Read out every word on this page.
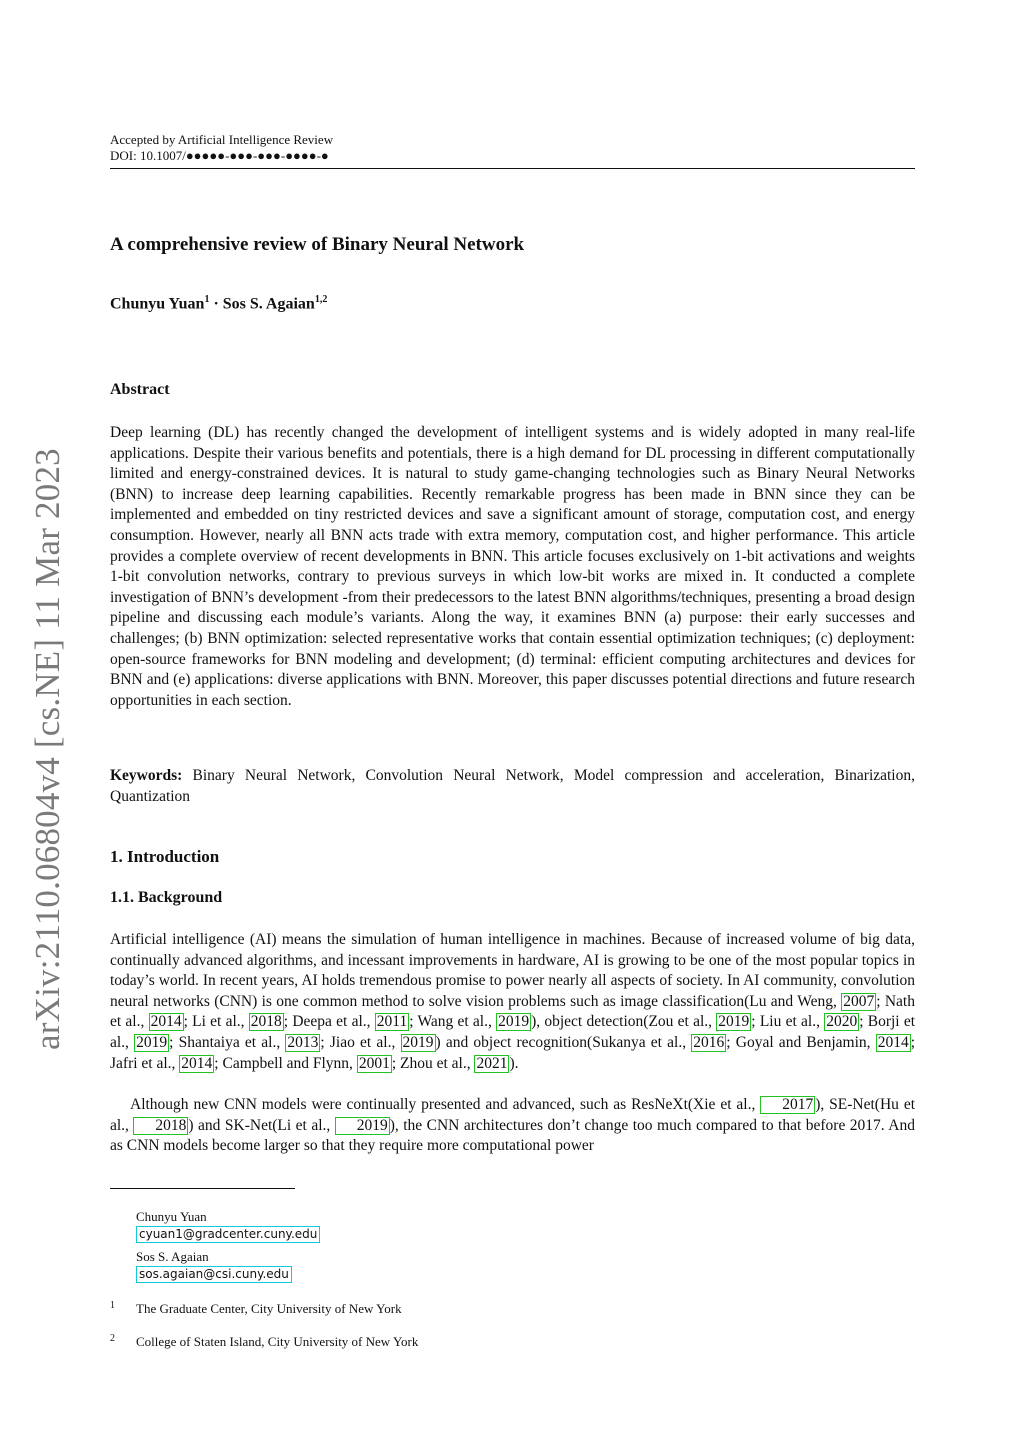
arXiv:2110.06804v4 [cs.NE] 11 Mar 2023
Accepted by Artificial Intelligence Review
DOI: 10.1007/●●●●●-●●●-●●●-●●●●-●
A comprehensive review of Binary Neural Network
Chunyu Yuan$^1$ · Sos S. Agaian$^{1,2}$
Abstract

Deep learning (DL) has recently changed the development of intelligent systems and is widely adopted in many real-life applications. Despite their various benefits and potentials, there is a high demand for DL processing in different computationally limited and energy-constrained devices. It is natural to study game-changing technologies such as Binary Neural Networks (BNN) to increase deep learning capabilities. Recently remarkable progress has been made in BNN since they can be implemented and embedded on tiny restricted devices and save a significant amount of storage, computation cost, and energy consumption. However, nearly all BNN acts trade with extra memory, computation cost, and higher performance. This article provides a complete overview of recent developments in BNN. This article focuses exclusively on 1-bit activations and weights 1-bit convolution networks, contrary to previous surveys in which low-bit works are mixed in. It conducted a complete investigation of BNN’s development -from their predecessors to the latest BNN algorithms/techniques, presenting a broad design pipeline and discussing each module’s variants. Along the way, it examines BNN (a) purpose: their early successes and challenges; (b) BNN optimization: selected representative works that contain essential optimization techniques; (c) deployment: open-source frameworks for BNN modeling and development; (d) terminal: efficient computing architectures and devices for BNN and (e) applications: diverse applications with BNN. Moreover, this paper discusses potential directions and future research opportunities in each section.

Keywords: Binary Neural Network, Convolution Neural Network, Model compression and acceleration, Binarization, Quantization

1. Introduction
1.1. Background

Artificial intelligence (AI) means the simulation of human intelligence in machines. Because of increased volume of big data, continually advanced algorithms, and incessant improvements in hardware, AI is growing to be one of the most popular topics in today’s world. In recent years, AI holds tremendous promise to power nearly all aspects of society. In AI community, convolution neural networks (CNN) is one common method to solve vision problems such as image classification(Lu and Weng, 2007 ; Nath et al., 2014 ; Li et al., 2018 ; Deepa et al., 2011 ; Wang et al., 2019 ), object detection(Zou et al., 2019 ; Liu et al., 2020 ; Borji et al., 2019 ; Shantaiya et al., 2013 ; Jiao et al., 2019 ) and object recognition(Sukanya et al., 2016 ; Goyal and Benjamin, 2014 ; Jafri et al., 2014 ; Campbell and Flynn, 2001 ; Zhou et al., 2021 ).

Although new CNN models were continually presented and advanced, such as ResNeXt(Xie et al., 2017 ), SE-Net(Hu et al., 2018 ) and SK-Net(Li et al., 2019 ), the CNN architectures don’t change too much compared to that before 2017. And as CNN models become larger so that they require more computational power

Chunyu Yuan
cyuan1@gradcenter.cuny.edu
Sos S. Agaian
sos.agaian@csi.cuny.edu
1 The Graduate Center, City University of New York
2 College of Staten Island, City University of New York
